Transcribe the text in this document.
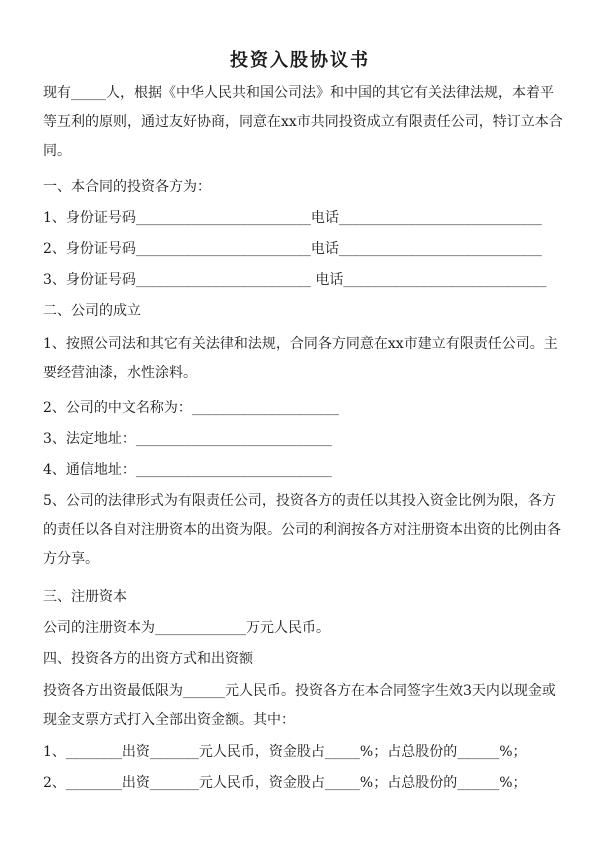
投资入股协议书
现有_____人，根据《中华人民共和国公司法》和中国的其它有关法律法规，本着平等互利的原则，通过友好协商，同意在xx市共同投资成立有限责任公司，特订立本合同。
一、本合同的投资各方为：
1、身份证号码_________________________电话_____________________________
2、身份证号码_________________________电话_____________________________
3、身份证号码_________________________ 电话_____________________________
二、公司的成立
1、按照公司法和其它有关法律和法规，合同各方同意在xx市建立有限责任公司。主要经营油漆，水性涂料。
2、公司的中文名称为：_____________________
3、法定地址：____________________________
4、通信地址：____________________________
5、公司的法律形式为有限责任公司，投资各方的责任以其投入资金比例为限，各方的责任以各自对注册资本的出资为限。公司的利润按各方对注册资本出资的比例由各方分享。
三、注册资本
公司的注册资本为_____________万元人民币。
四、投资各方的出资方式和出资额
投资各方出资最低限为______元人民币。投资各方在本合同签字生效3天内以现金或现金支票方式打入全部出资金额。其中：
1、________出资_______元人民币，资金股占_____%；占总股份的______%；
2、________出资_______元人民币，资金股占_____%；占总股份的______%；
